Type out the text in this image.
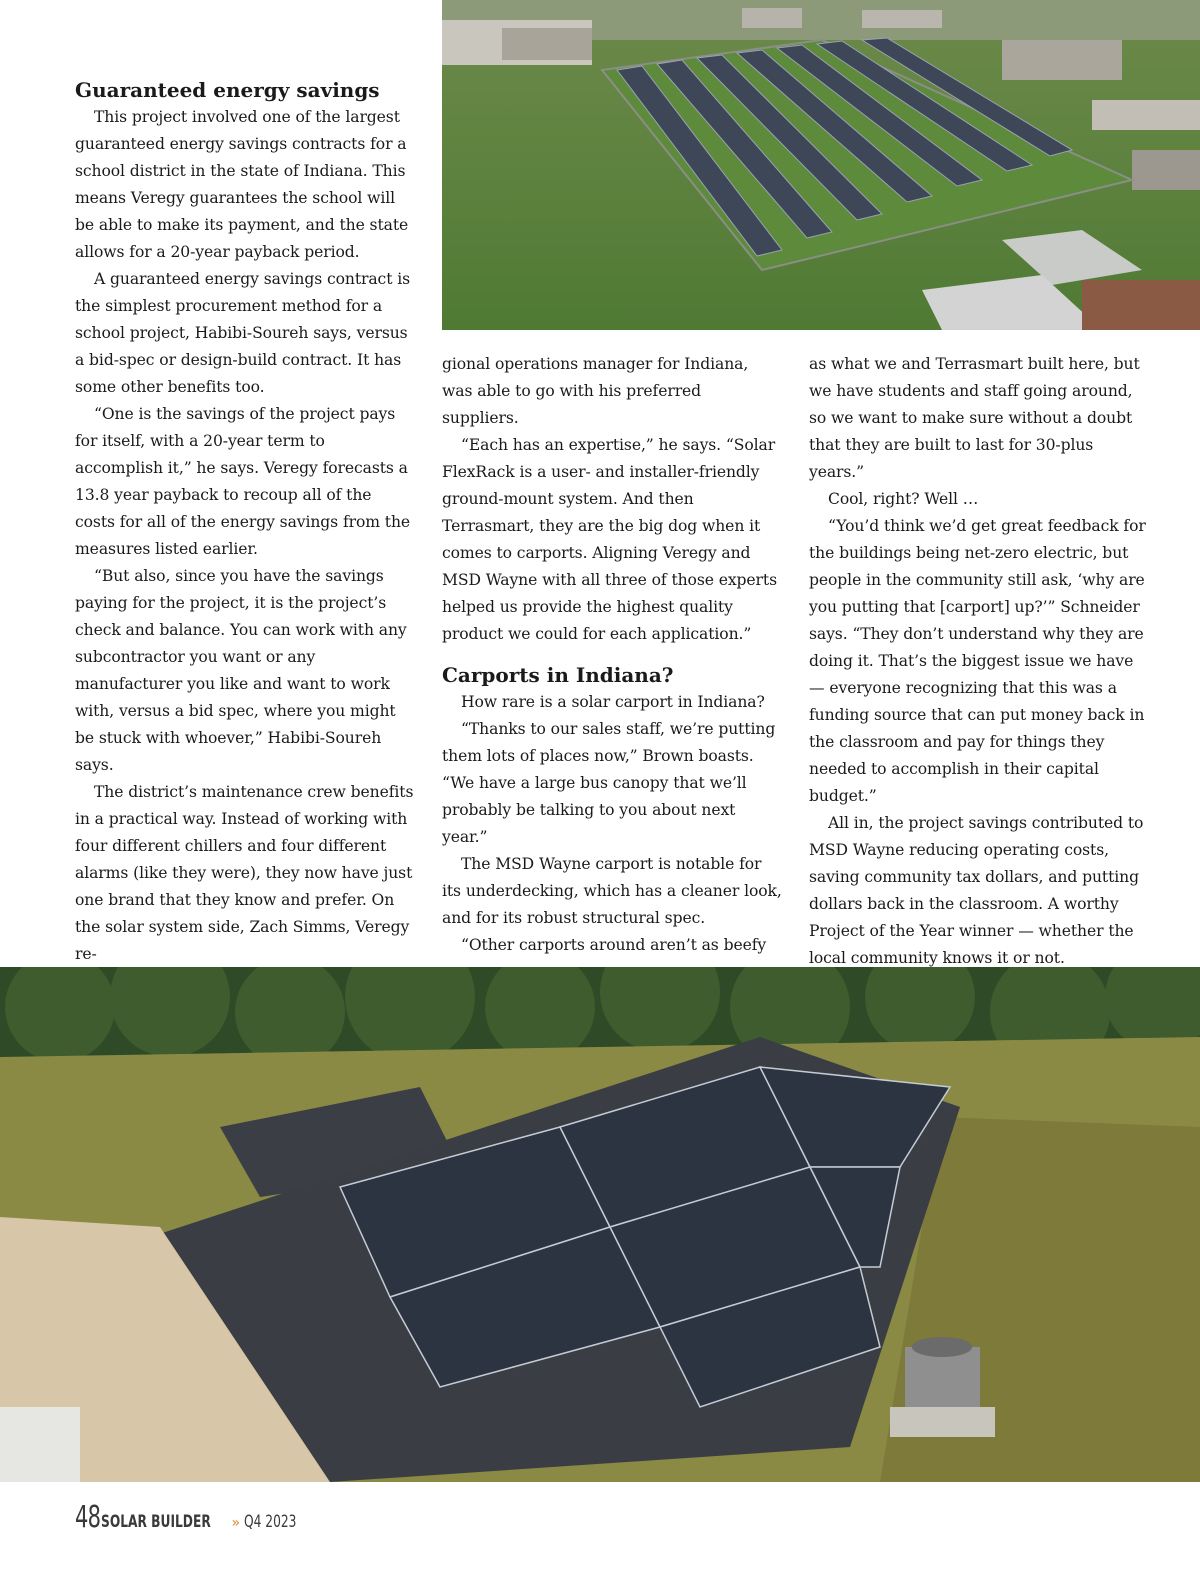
Guaranteed energy savings

This project involved one of the largest guaranteed energy savings contracts for a school district in the state of Indiana. This means Veregy guarantees the school will be able to make its payment, and the state allows for a 20-year payback period.

A guaranteed energy savings contract is the simplest procurement method for a school project, Habibi-Soureh says, versus a bid-spec or design-build contract. It has some other benefits too.

“One is the savings of the project pays for itself, with a 20-year term to accomplish it,” he says. Veregy forecasts a 13.8 year payback to recoup all of the costs for all of the energy savings from the measures listed earlier.

“But also, since you have the savings paying for the project, it is the project’s check and balance. You can work with any subcontractor you want or any manufacturer you like and want to work with, versus a bid spec, where you might be stuck with whoever,” Habibi-Soureh says.

The district’s maintenance crew benefits in a practical way. Instead of working with four different chillers and four different alarms (like they were), they now have just one brand that they know and prefer. On the solar system side, Zach Simms, Veregy re-

gional operations manager for Indiana, was able to go with his preferred suppliers.

“Each has an expertise,” he says. “Solar FlexRack is a user- and installer-friendly ground-mount system. And then Terrasmart, they are the big dog when it comes to carports. Aligning Veregy and MSD Wayne with all three of those experts helped us provide the highest quality product we could for each application.”

Carports in Indiana?

How rare is a solar carport in Indiana?

“Thanks to our sales staff, we’re putting them lots of places now,” Brown boasts. “We have a large bus canopy that we’ll probably be talking to you about next year.”

The MSD Wayne carport is notable for its underdecking, which has a cleaner look, and for its robust structural spec.

“Other carports around aren’t as beefy

as what we and Terrasmart built here, but we have students and staff going around, so we want to make sure without a doubt that they are built to last for 30-plus years.”

Cool, right? Well …

“You’d think we’d get great feedback for the buildings being net-zero electric, but people in the community still ask, ‘why are you putting that [carport] up?’” Schneider says. “They don’t understand why they are doing it. That’s the biggest issue we have — everyone recognizing that this was a funding source that can put money back in the classroom and pay for things they needed to accomplish in their capital budget.”

All in, the project savings contributed to MSD Wayne reducing operating costs, saving community tax dollars, and putting dollars back in the classroom. A worthy Project of the Year winner — whether the local community knows it or not.

48 SOLAR BUILDER » Q4 2023
